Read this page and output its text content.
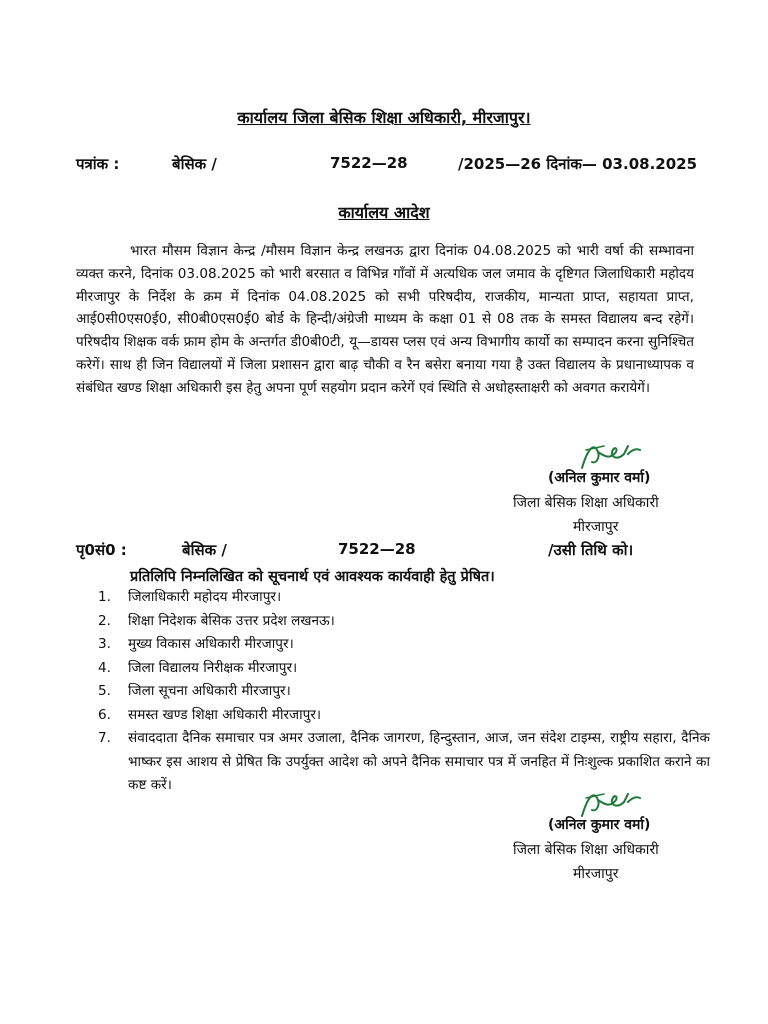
कार्यालय जिला बेसिक शिक्षा अधिकारी, मीरजापुर।
पत्रांक :	बेसिक /	7522—28	/2025—26 दिनांक— 03.08.2025
कार्यालय आदेश
भारत मौसम विज्ञान केन्द्र /मौसम विज्ञान केन्द्र लखनऊ द्वारा दिनांक 04.08.2025 को भारी वर्षा की सम्भावना व्यक्त करने, दिनांक 03.08.2025 को भारी बरसात व विभिन्न गाँवों में अत्यधिक जल जमाव के दृष्टिगत जिलाधिकारी महोदय मीरजापुर के निर्देश के क्रम में दिनांक 04.08.2025 को सभी परिषदीय, राजकीय, मान्यता प्राप्त, सहायता प्राप्त, आई0सी0एस0ई0, सी0बी0एस0ई0 बोर्ड के हिन्दी/अंग्रेजी माध्यम के कक्षा 01 से 08 तक के समस्त विद्यालय बन्द रहेगें। परिषदीय शिक्षक वर्क फ्राम होम के अन्तर्गत डी0बी0टी, यू—डायस प्लस एवं अन्य विभागीय कार्यो का सम्पादन करना सुनिश्चित करेगें। साथ ही जिन विद्यालयों में जिला प्रशासन द्वारा बाढ़ चौकी व रैन बसेरा बनाया गया है उक्त विद्यालय के प्रधानाध्यापक व संबंधित खण्ड शिक्षा अधिकारी इस हेतु अपना पूर्ण सहयोग प्रदान करेगें एवं स्थिति से अधोहस्ताक्षरी को अवगत करायेगें।
(अनिल कुमार वर्मा)
जिला बेसिक शिक्षा अधिकारी
मीरजापुर
पृ0सं0 :	बेसिक /	7522—28	/उसी तिथि को।
प्रतिलिपि निम्नलिखित को सूचनार्थ एवं आवश्यक कार्यवाही हेतु प्रेषित।
1. जिलाधिकारी महोदय मीरजापुर।
2. शिक्षा निदेशक बेसिक उत्तर प्रदेश लखनऊ।
3. मुख्य विकास अधिकारी मीरजापुर।
4. जिला विद्यालय निरीक्षक मीरजापुर।
5. जिला सूचना अधिकारी मीरजापुर।
6. समस्त खण्ड शिक्षा अधिकारी मीरजापुर।
7. संवाददाता दैनिक समाचार पत्र अमर उजाला, दैनिक जागरण, हिन्दुस्तान, आज, जन संदेश टाइम्स, राष्ट्रीय सहारा, दैनिक भाष्कर इस आशय से प्रेषित कि उपर्युक्त आदेश को अपने दैनिक समाचार पत्र में जनहित में निःशुल्क प्रकाशित कराने का कष्ट करें।
(अनिल कुमार वर्मा)
जिला बेसिक शिक्षा अधिकारी
मीरजापुर
